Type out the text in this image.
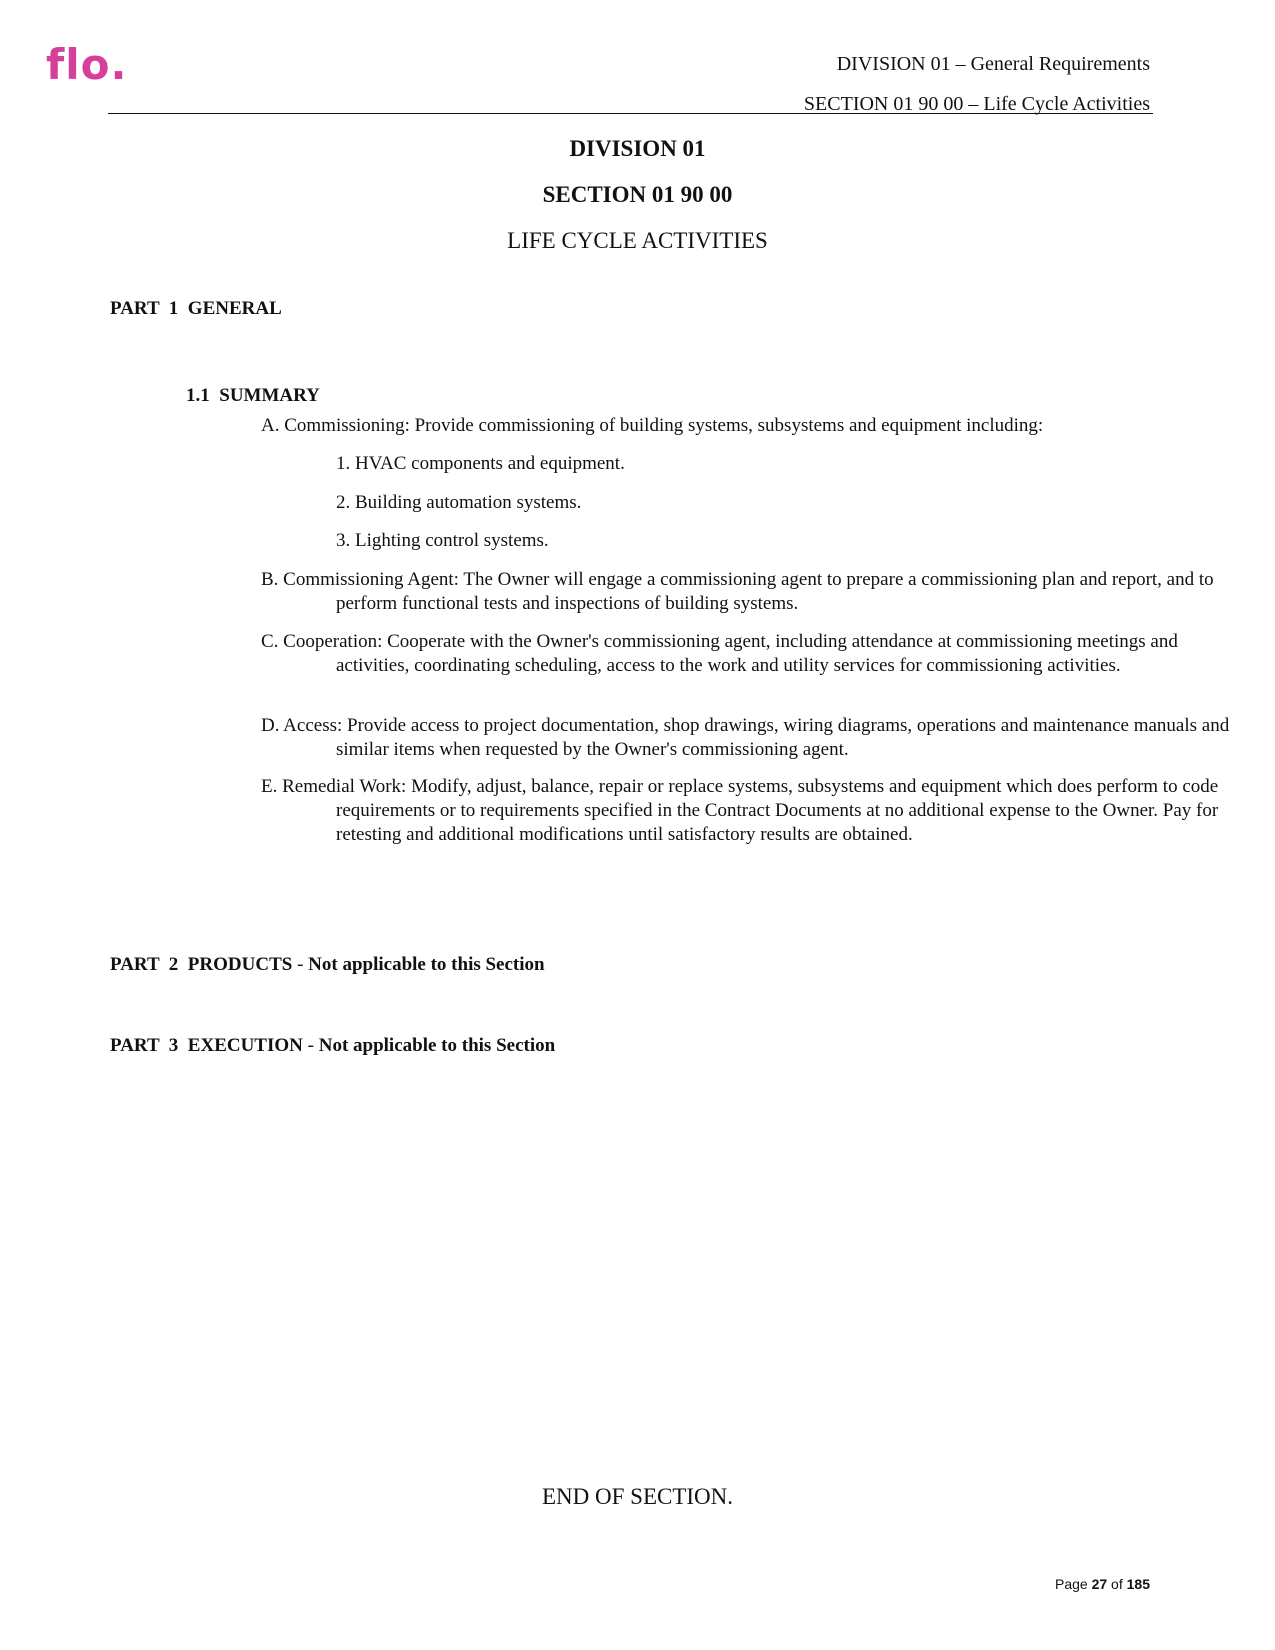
flo.	DIVISION 01 – General Requirements
SECTION 01 90 00 – Life Cycle Activities
DIVISION 01
SECTION 01 90 00
LIFE CYCLE ACTIVITIES
PART  1  GENERAL
1.1  SUMMARY
A. Commissioning: Provide commissioning of building systems, subsystems and equipment including:
1. HVAC components and equipment.
2. Building automation systems.
3. Lighting control systems.
B. Commissioning Agent: The Owner will engage a commissioning agent to prepare a commissioning plan and report, and to perform functional tests and inspections of building systems.
C. Cooperation: Cooperate with the Owner's commissioning agent, including attendance at commissioning meetings and activities, coordinating scheduling, access to the work and utility services for commissioning activities.
D. Access: Provide access to project documentation, shop drawings, wiring diagrams, operations and maintenance manuals and similar items when requested by the Owner's commissioning agent.
E. Remedial Work: Modify, adjust, balance, repair or replace systems, subsystems and equipment which does perform to code requirements or to requirements specified in the Contract Documents at no additional expense to the Owner. Pay for retesting and additional modifications until satisfactory results are obtained.
PART  2  PRODUCTS - Not applicable to this Section
PART  3  EXECUTION - Not applicable to this Section
END OF SECTION.
Page 27 of 185
